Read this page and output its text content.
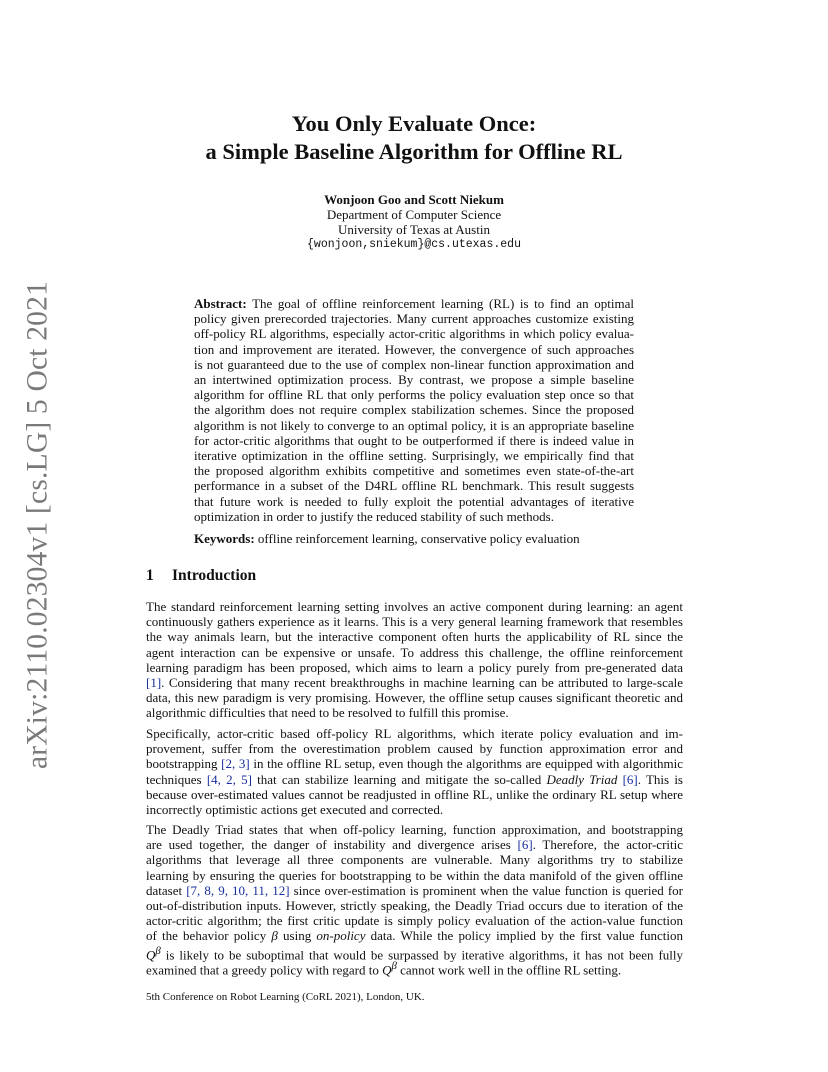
arXiv:2110.02304v1 [cs.LG] 5 Oct 2021
You Only Evaluate Once:
a Simple Baseline Algorithm for Offline RL
Wonjoon Goo and Scott Niekum
Department of Computer Science
University of Texas at Austin
{wonjoon,sniekum}@cs.utexas.edu
Abstract: The goal of offline reinforcement learning (RL) is to find an optimal
policy given prerecorded trajectories. Many current approaches customize existing
off-policy RL algorithms, especially actor-critic algorithms in which policy evalua-
tion and improvement are iterated. However, the convergence of such approaches
is not guaranteed due to the use of complex non-linear function approximation and
an intertwined optimization process. By contrast, we propose a simple baseline
algorithm for offline RL that only performs the policy evaluation step once so that
the algorithm does not require complex stabilization schemes. Since the proposed
algorithm is not likely to converge to an optimal policy, it is an appropriate baseline
for actor-critic algorithms that ought to be outperformed if there is indeed value in
iterative optimization in the offline setting. Surprisingly, we empirically find that
the proposed algorithm exhibits competitive and sometimes even state-of-the-art
performance in a subset of the D4RL offline RL benchmark. This result suggests
that future work is needed to fully exploit the potential advantages of iterative
optimization in order to justify the reduced stability of such methods.
Keywords: offline reinforcement learning, conservative policy evaluation
1 Introduction
The standard reinforcement learning setting involves an active component during learning: an agent
continuously gathers experience as it learns. This is a very general learning framework that resembles
the way animals learn, but the interactive component often hurts the applicability of RL since the
agent interaction can be expensive or unsafe. To address this challenge, the offline reinforcement
learning paradigm has been proposed, which aims to learn a policy purely from pre-generated data
[1]. Considering that many recent breakthroughs in machine learning can be attributed to large-scale
data, this new paradigm is very promising. However, the offline setup causes significant theoretic and
algorithmic difficulties that need to be resolved to fulfill this promise.
Specifically, actor-critic based off-policy RL algorithms, which iterate policy evaluation and im-
provement, suffer from the overestimation problem caused by function approximation error and
bootstrapping [2, 3] in the offline RL setup, even though the algorithms are equipped with algorithmic
techniques [4, 2, 5] that can stabilize learning and mitigate the so-called Deadly Triad [6]. This is
because over-estimated values cannot be readjusted in offline RL, unlike the ordinary RL setup where
incorrectly optimistic actions get executed and corrected.
The Deadly Triad states that when off-policy learning, function approximation, and bootstrapping
are used together, the danger of instability and divergence arises [6]. Therefore, the actor-critic
algorithms that leverage all three components are vulnerable. Many algorithms try to stabilize
learning by ensuring the queries for bootstrapping to be within the data manifold of the given offline
dataset [7, 8, 9, 10, 11, 12] since over-estimation is prominent when the value function is queried for
out-of-distribution inputs. However, strictly speaking, the Deadly Triad occurs due to iteration of the
actor-critic algorithm; the first critic update is simply policy evaluation of the action-value function
of the behavior policy β using on-policy data. While the policy implied by the first value function
$Q^\beta$ is likely to be suboptimal that would be surpassed by iterative algorithms, it has not been fully
examined that a greedy policy with regard to $Q^\beta$ cannot work well in the offline RL setting.
5th Conference on Robot Learning (CoRL 2021), London, UK.
